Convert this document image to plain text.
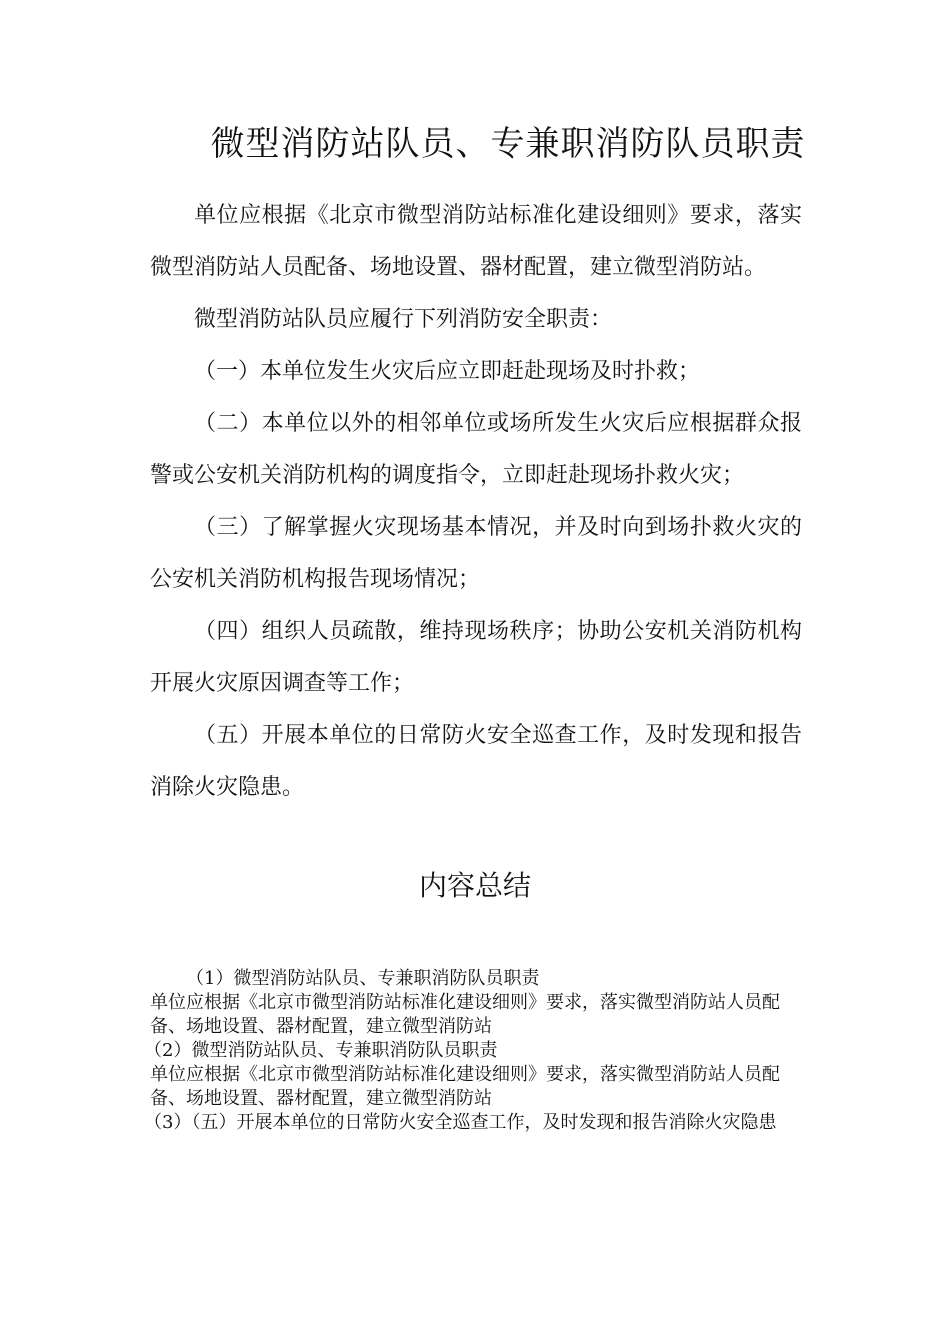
微型消防站队员、专兼职消防队员职责

单位应根据《北京市微型消防站标准化建设细则》要求，落实微型消防站人员配备、场地设置、器材配置，建立微型消防站。

微型消防站队员应履行下列消防安全职责：

（一）本单位发生火灾后应立即赶赴现场及时扑救；

（二）本单位以外的相邻单位或场所发生火灾后应根据群众报警或公安机关消防机构的调度指令，立即赶赴现场扑救火灾；

（三）了解掌握火灾现场基本情况，并及时向到场扑救火灾的公安机关消防机构报告现场情况；

（四）组织人员疏散，维持现场秩序；协助公安机关消防机构开展火灾原因调查等工作；

（五）开展本单位的日常防火安全巡查工作，及时发现和报告消除火灾隐患。

内容总结

（1）微型消防站队员、专兼职消防队员职责

单位应根据《北京市微型消防站标准化建设细则》要求，落实微型消防站人员配备、场地设置、器材配置，建立微型消防站

（2）微型消防站队员、专兼职消防队员职责

单位应根据《北京市微型消防站标准化建设细则》要求，落实微型消防站人员配备、场地设置、器材配置，建立微型消防站

（3）（五）开展本单位的日常防火安全巡查工作，及时发现和报告消除火灾隐患
